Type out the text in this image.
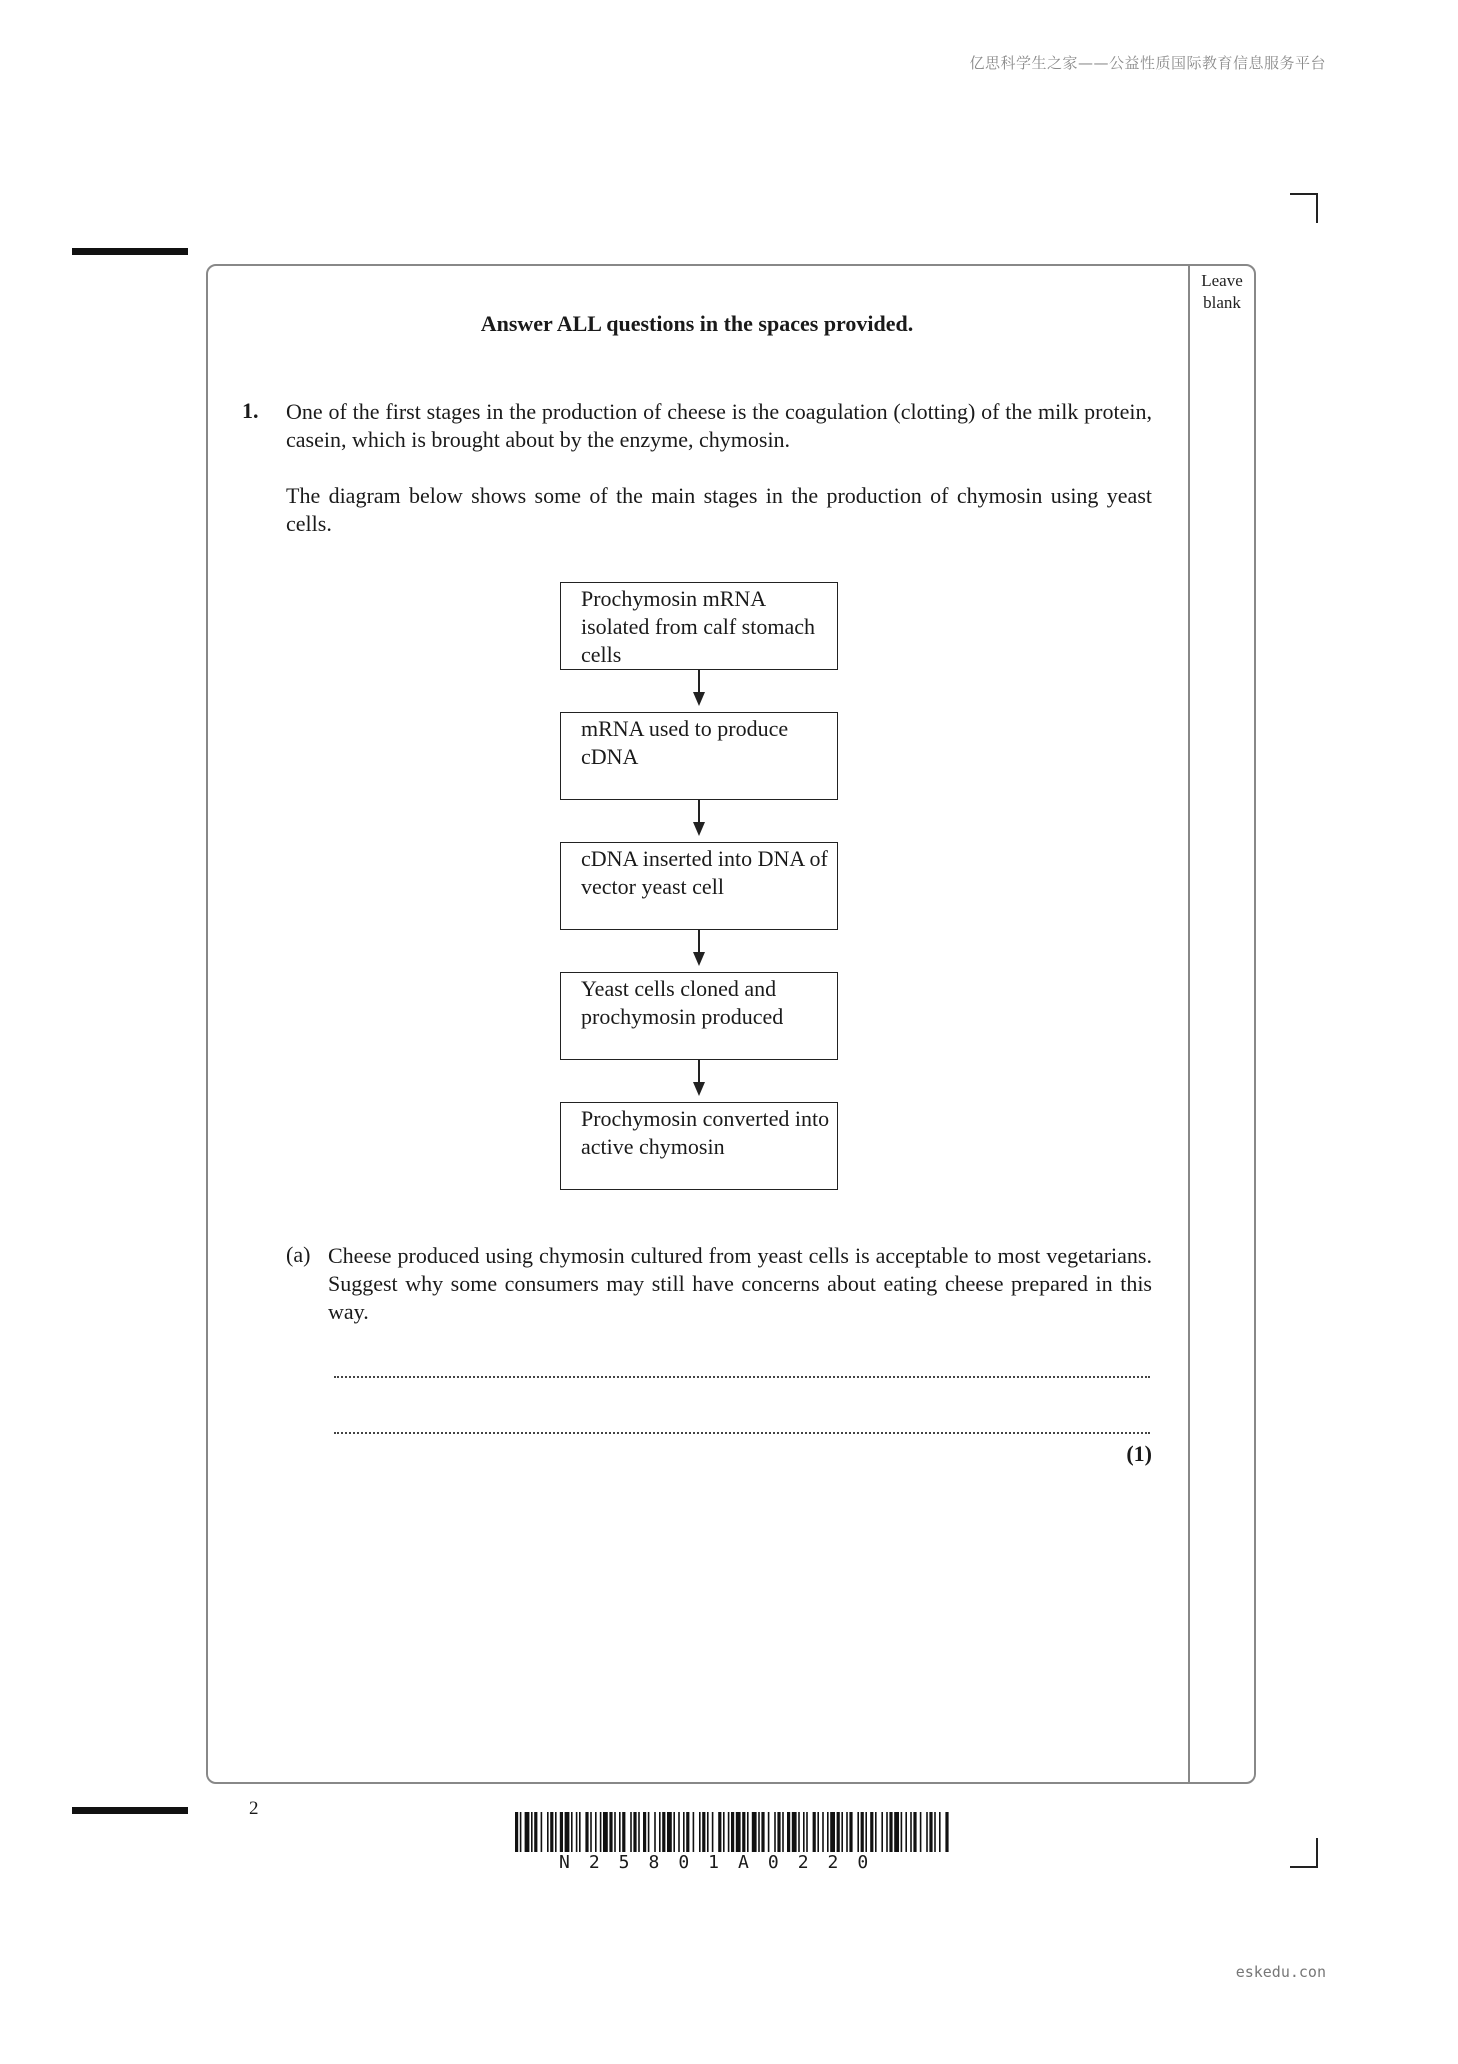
亿思科学生之家——公益性质国际教育信息服务平台
Leave blank
Answer ALL questions in the spaces provided.
1. One of the first stages in the production of cheese is the coagulation (clotting) of the milk protein, casein, which is brought about by the enzyme, chymosin.
The diagram below shows some of the main stages in the production of chymosin using yeast cells.
Prochymosin mRNA isolated from calf stomach cells
mRNA used to produce cDNA
cDNA inserted into DNA of vector yeast cell
Yeast cells cloned and prochymosin produced
Prochymosin converted into active chymosin
(a) Cheese produced using chymosin cultured from yeast cells is acceptable to most vegetarians. Suggest why some consumers may still have concerns about eating cheese prepared in this way.
(1)
2
N25801A0220
eskedu.con
